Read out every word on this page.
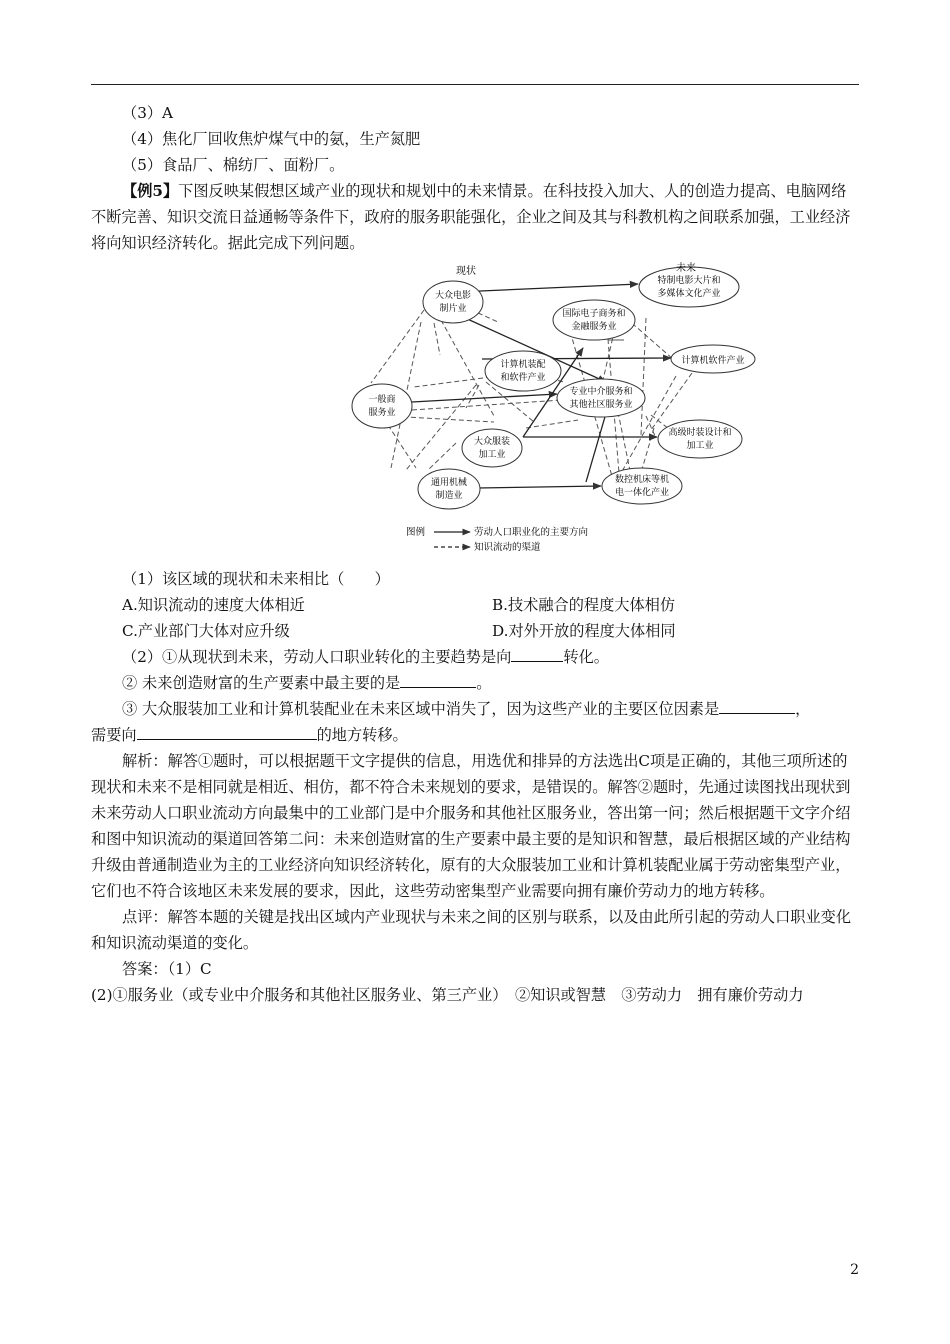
（3）A

（4）焦化厂回收焦炉煤气中的氨，生产氮肥

（5）食品厂、棉纺厂、面粉厂。

【例5】下图反映某假想区域产业的现状和规划中的未来情景。在科技投入加大、人的创造力提高、电脑网络不断完善、知识交流日益通畅等条件下，政府的服务职能强化，企业之间及其与科教机构之间联系加强，工业经济将向知识经济转化。据此完成下列问题。

大众电影
制片业
计算机装配
和软件产业
一般商
服务业
大众服装
加工业
通用机械
制造业
特制电影大片和
多媒体文化产业
国际电子商务和
金融服务业
计算机软件产业
专业中介服务和
其他社区服务业
高级时装设计和
加工业
数控机床等机
电一体化产业
现状	未来
图例	劳动人口职业化的主要方向
知识流动的渠道

（1）该区域的现状和未来相比（　　）

A.知识流动的速度大体相近	B.技术融合的程度大体相仿
C.产业部门大体对应升级	D.对外开放的程度大体相同

（2）①从现状到未来，劳动人口职业转化的主要趋势是向	转化。

② 未来创造财富的生产要素中最主要的是	。

③ 大众服装加工业和计算机装配业在未来区域中消失了，因为这些产业的主要区位因素是	，

需要向	的地方转移。

解析：解答①题时，可以根据题干文字提供的信息，用选优和排异的方法选出C项是正确的，其他三项所述的现状和未来不是相同就是相近、相仿，都不符合未来规划的要求，是错误的。解答②题时，先通过读图找出现状到未来劳动人口职业流动方向最集中的工业部门是中介服务和其他社区服务业，答出第一问；然后根据题干文字介绍和图中知识流动的渠道回答第二问：未来创造财富的生产要素中最主要的是知识和智慧，最后根据区域的产业结构升级由普通制造业为主的工业经济向知识经济转化，原有的大众服装加工业和计算机装配业属于劳动密集型产业，它们也不符合该地区未来发展的要求，因此，这些劳动密集型产业需要向拥有廉价劳动力的地方转移。

点评：解答本题的关键是找出区域内产业现状与未来之间的区别与联系，以及由此所引起的劳动人口职业变化和知识流动渠道的变化。

答案：（1）C

(2)①服务业（或专业中介服务和其他社区服务业、第三产业）　②知识或智慧　③劳动力　拥有廉价劳动力

2
